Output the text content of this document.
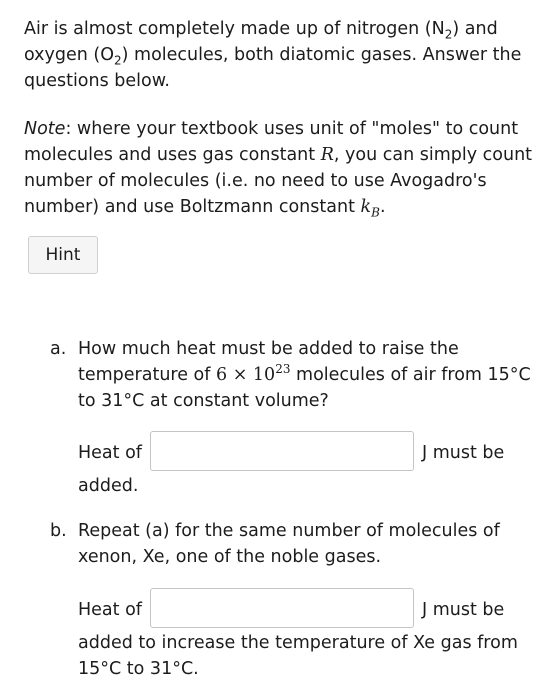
Air is almost completely made up of nitrogen $(N_2)$ and oxygen $(O_2)$ molecules, both diatomic gases. Answer the questions below.
Note: where your textbook uses unit of "moles" to count molecules and uses gas constant R, you can simply count number of molecules (i.e. no need to use Avogadro's number) and use Boltzmann constant $k_B$.
Hint
a. How much heat must be added to raise the temperature of $6 \times 10^{23}$ molecules of air from 15°C to 31°C at constant volume?
Heat of	J must be
added.
b. Repeat (a) for the same number of molecules of xenon, Xe, one of the noble gases.
Heat of	J must be
added to increase the temperature of Xe gas from 15°C to 31°C.
